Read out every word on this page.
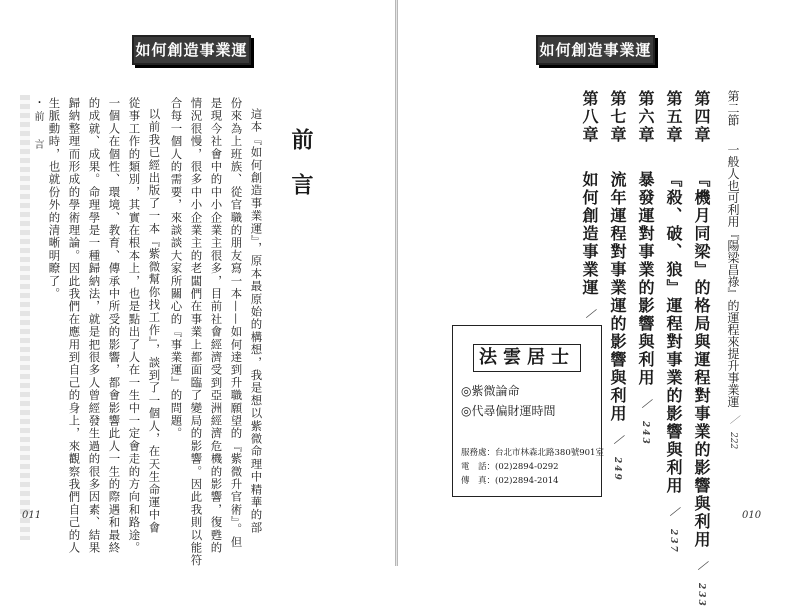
如何創造事業運	如何創造事業運
・前　言	前
言
這本『如何創造事業運』，原本最原始的構想，我是想以紫微命理中精華的部
份來為上班族、從官職的朋友寫一本——如何達到升職願望的『紫微升官術』。但
是現今社會中的中小企業主很多，目前社會經濟受到亞洲經濟危機的影響，復甦的
情況很慢，很多中小企業主的老闆們在事業上都面臨了變局的影響。因此我則以能符
合每一個人的需要，來談談大家所關心的『事業運』的問題。
以前我已經出版了一本『紫微幫你找工作』，談到了一個人，在天生命運中會
從事工作的類別，其實在根本上，也是點出了人在一生中一定會走的方向和路途。
一個人在個性、環境、教育、傳承中所受的影響，都會影響此人一生的際遇和最終
的成就、成果。命理學是一種歸納法，就是把很多人曾經發生過的很多因素、結果
歸納整理而形成的學術理論。因此我們在應用到自己的身上，來觀察我們自己的人
生脈動時，也就份外的清晰明瞭了。
011
第二節  一般人也可利用『陽梁昌祿』的運程來提升事業運 ／ 222
第四章  『機月同梁』的格局與運程對事業的影響與利用 ／ 233
第五章  『殺、破、狼』運程對事業的影響與利用 ／ 237
第六章  暴發運對事業的影響與利用 ／ 243
第七章  流年運程對事業運的影響與利用 ／ 249
第八章  如何創造事業運 ／
法雲居士
◎紫微論命
◎代尋偏財運時間
服務處：台北市林森北路380號901室
電　話：(02)2894-0292
傳　真：(02)2894-2014
010
